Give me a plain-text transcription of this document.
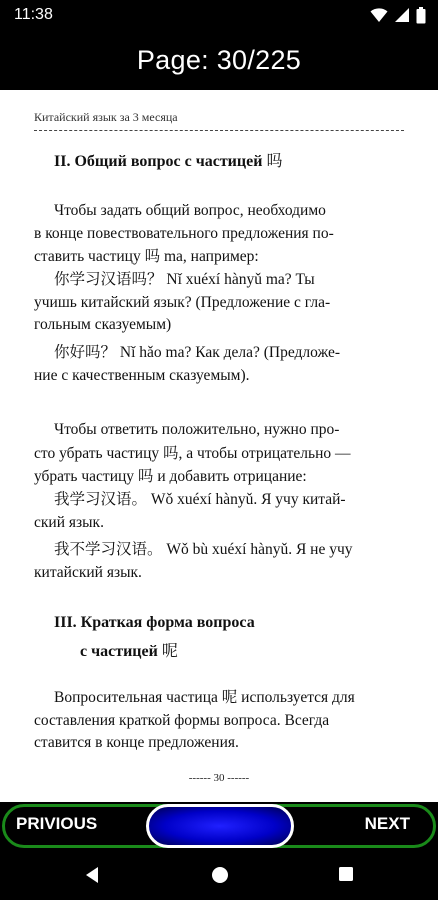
11:38
Page: 30/225
Китайский язык за 3 месяца
II. Общий вопрос с частицей 吗
Чтобы задать общий вопрос, необходимо
в конце повествовательного предложения по-
ставить частицу 吗 ma, например:
你学习汉语吗？ Nǐ xuéxí hànyǔ ma? Ты
учишь китайский язык? (Предложение с гла-
гольным сказуемым)
你好吗？ Nǐ hǎo ma? Как дела? (Предложе-
ние с качественным сказуемым).
Чтобы ответить положительно, нужно про-
сто убрать частицу 吗, а чтобы отрицательно —
убрать частицу 吗 и добавить отрицание:
我学习汉语。 Wǒ xuéxí hànyǔ. Я учу китай-
ский язык.
我不学习汉语。 Wǒ bù xuéxí hànyǔ. Я не учу
китайский язык.
III. Краткая форма вопроса
с частицей 呢
Вопросительная частица 呢 используется для
составления краткой формы вопроса. Всегда
ставится в конце предложения.
------ 30 ------
PRIVIOUS	NEXT
